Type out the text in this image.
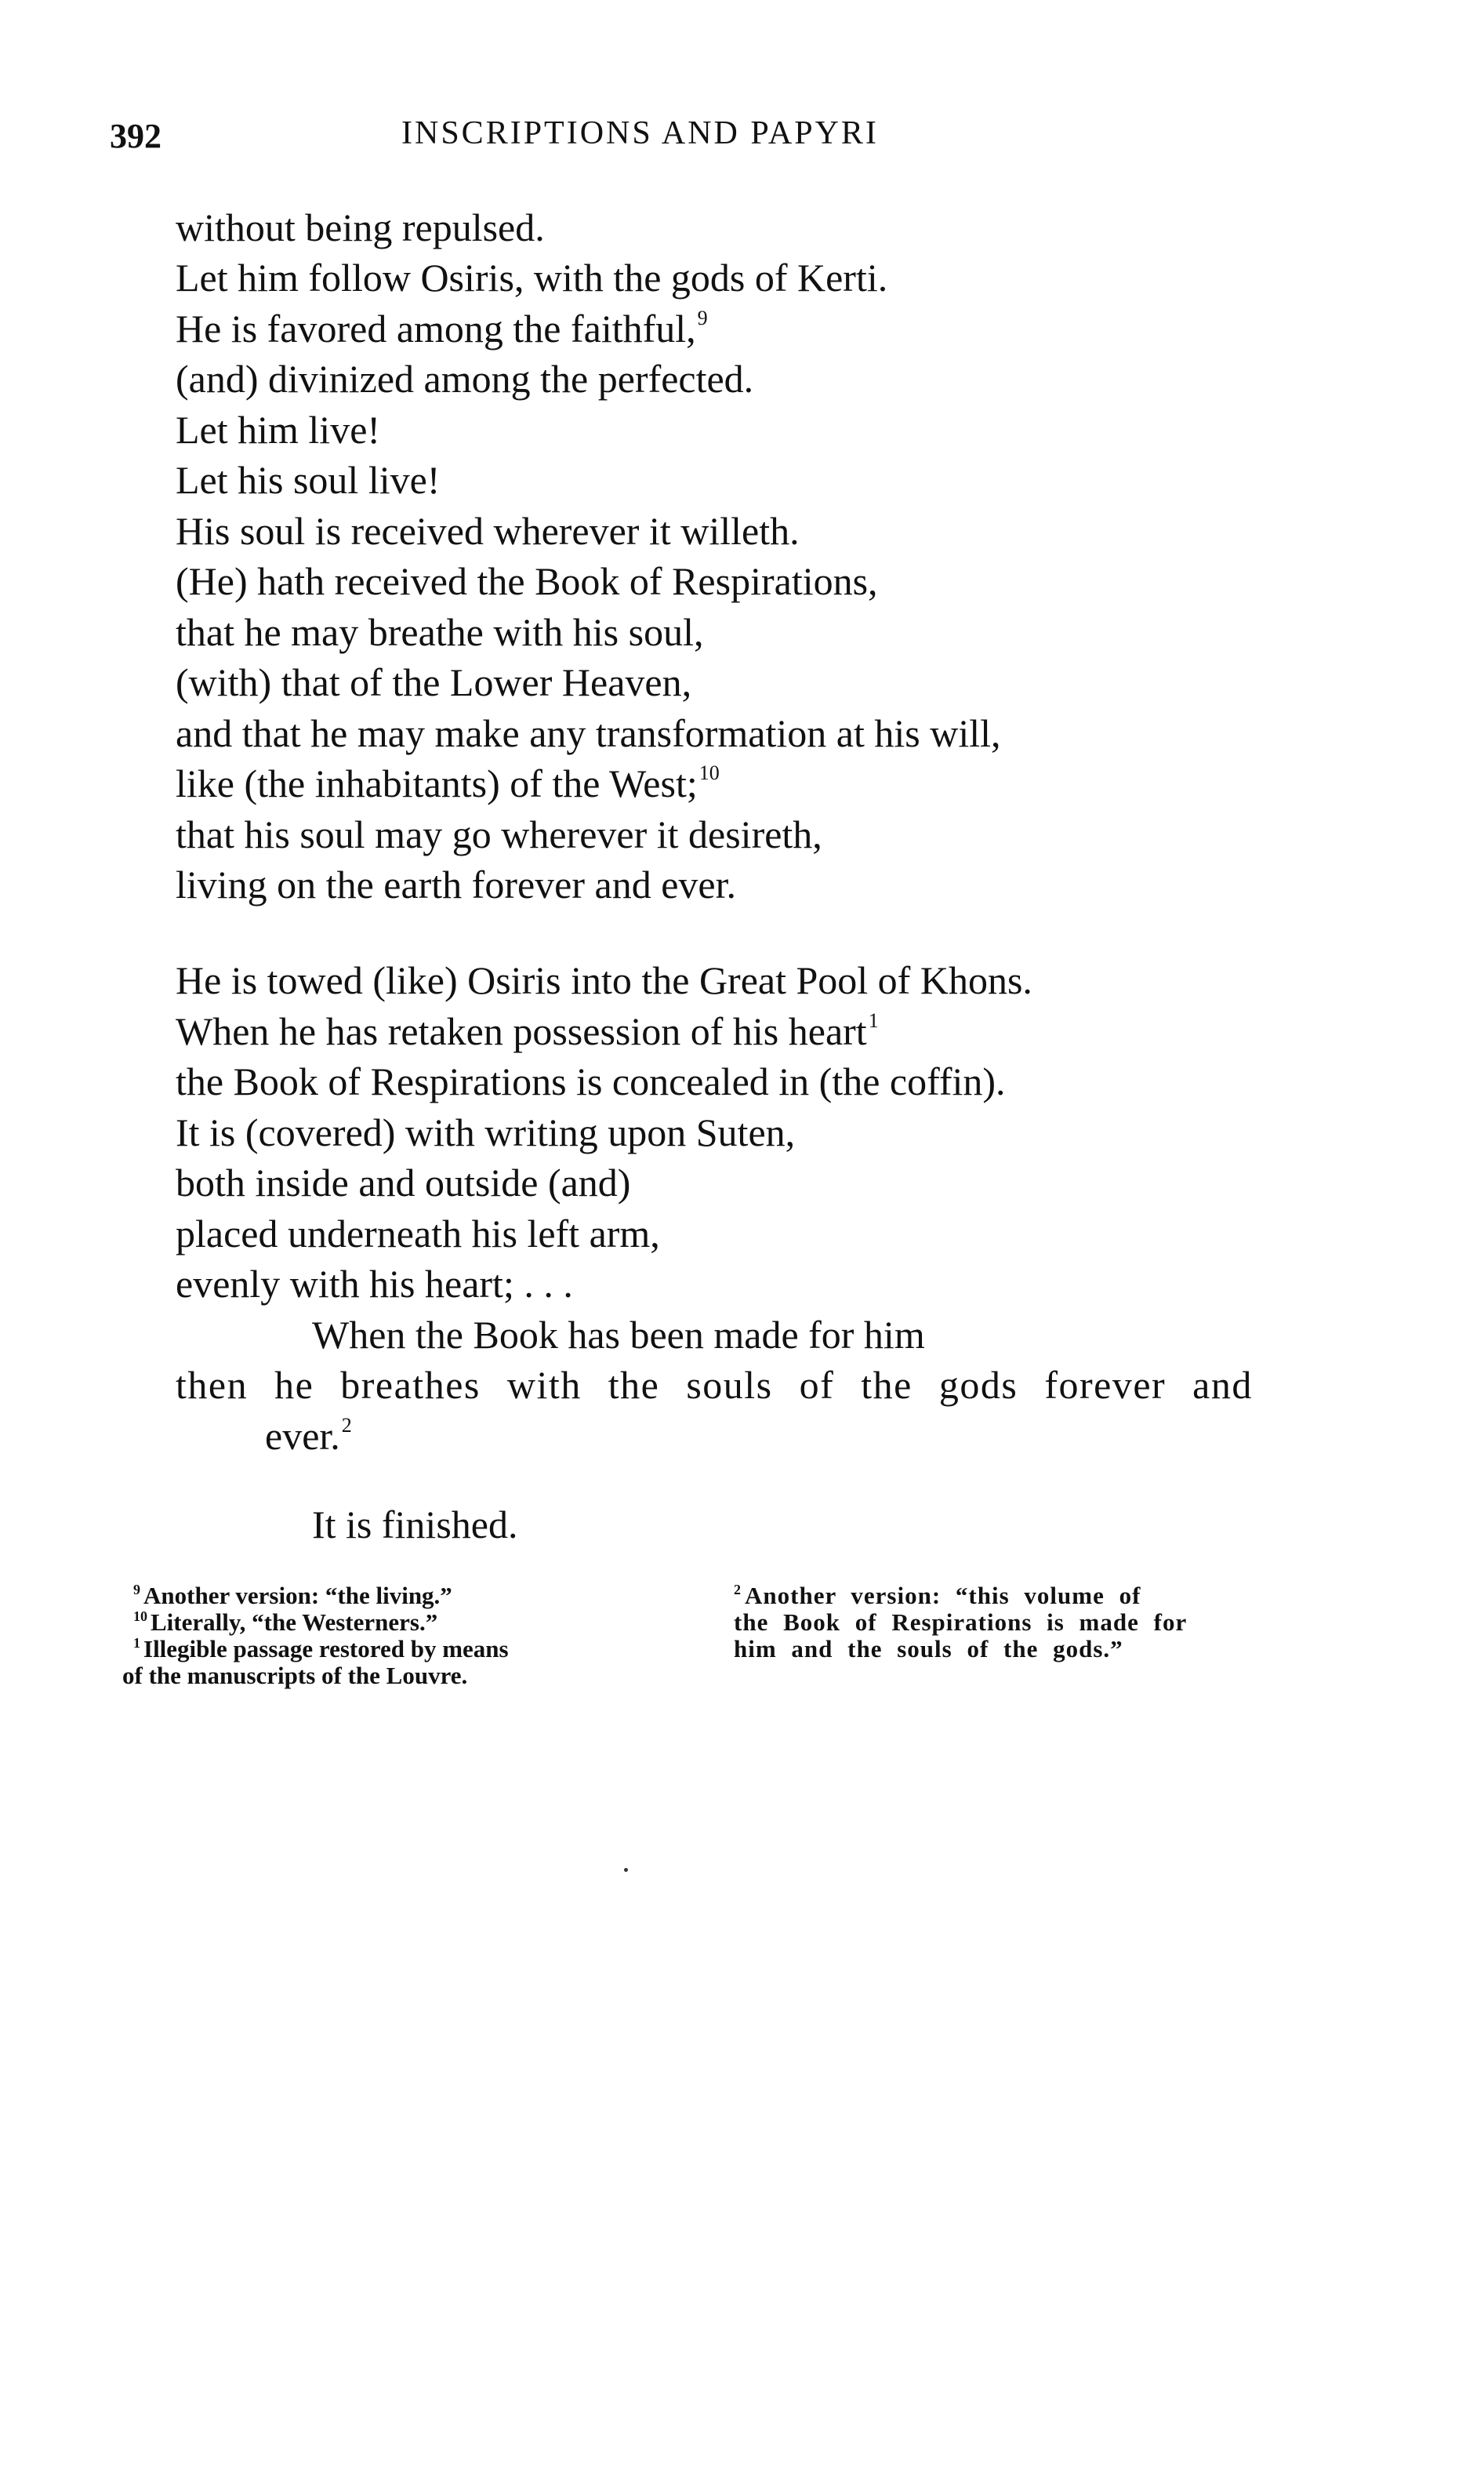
392	INSCRIPTIONS AND PAPYRI
without being repulsed.
Let him follow Osiris, with the gods of Kerti.
He is favored among the faithful,$^9$
(and) divinized among the perfected.
Let him live!
Let his soul live!
His soul is received wherever it willeth.
(He) hath received the Book of Respirations,
that he may breathe with his soul,
(with) that of the Lower Heaven,
and that he may make any transformation at his will,
like (the inhabitants) of the West;$^{10}$
that his soul may go wherever it desireth,
living on the earth forever and ever.
He is towed (like) Osiris into the Great Pool of Khons.
When he has retaken possession of his heart$^1$
the Book of Respirations is concealed in (the coffin).
It is (covered) with writing upon Suten,
both inside and outside (and)
placed underneath his left arm,
evenly with his heart; . . .
When the Book has been made for him
then he breathes with the souls of the gods forever and
ever.$^2$
It is finished.
$^9$ Another version: “the living.”
$^{10}$ Literally, “the Westerners.”
$^1$ Illegible passage restored by means
of the manuscripts of the Louvre.
$^2$ Another version: “this volume of
the Book of Respirations is made for
him and the souls of the gods.”
